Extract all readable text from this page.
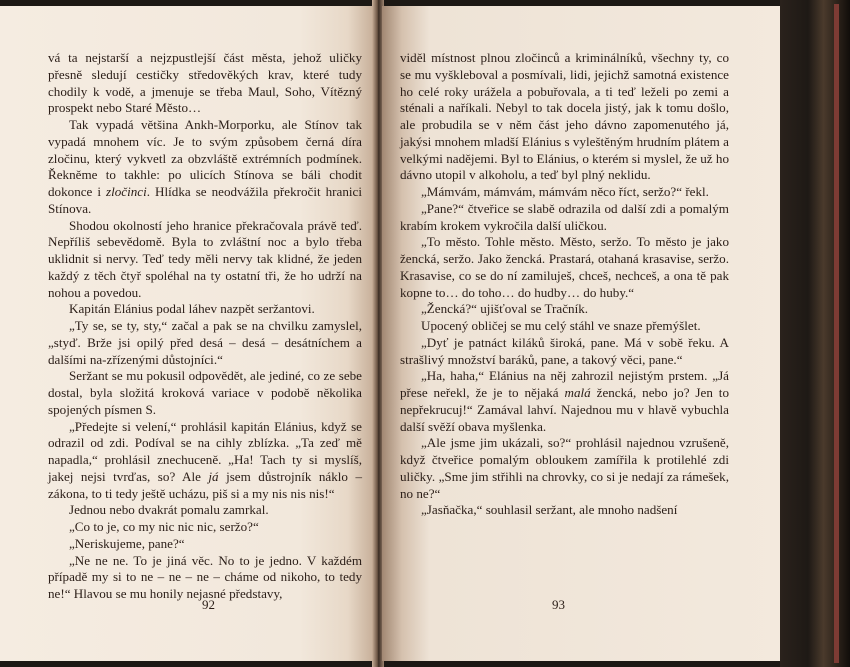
vá ta nejstarší a nejzpustlejší část města, jehož uličky přesně sledují cestičky středověkých krav, které tudy chodily k vodě, a jmenuje se třeba Maul, Soho, Vítězný prospekt nebo Staré Město…

Tak vypadá většina Ankh-Morporku, ale Stínov tak vypadá mnohem víc. Je to svým způsobem černá díra zločinu, který vykvetl za obzvláště extrémních podmínek. Řekněme to takhle: po ulicích Stínova se báli chodit dokonce i zločinci. Hlídka se neodvážila překročit hranici Stínova.

Shodou okolností jeho hranice překračovala právě teď. Nepříliš sebevědomě. Byla to zvláštní noc a bylo třeba uklidnit si nervy. Teď tedy měli nervy tak klidné, že jeden každý z těch čtyř spoléhal na ty ostatní tři, že ho udrží na nohou a povedou.

Kapitán Elánius podal láhev nazpět seržantovi.

„Ty se, se ty, sty,“ začal a pak se na chvilku zamyslel, „styď. Brže jsi opilý před desá – desá – desátníchem a dalšími na-zřízenými důstojníci.“

Seržant se mu pokusil odpovědět, ale jediné, co ze sebe dostal, byla složitá kroková variace v podobě několika spojených písmen S.

„Předejte si velení,“ prohlásil kapitán Elánius, když se odrazil od zdi. Podíval se na cihly zblízka. „Ta zeď mě napadla,“ prohlásil znechuceně. „Ha! Tach ty si myslíš, jakej nejsi tvrďas, so? Ale já jsem důstrojník náklo – zákona, to ti tedy ještě ucházu, piš si a my nis nis nis!“

Jednou nebo dvakrát pomalu zamrkal.

„Co to je, co my nic nic nic, seržo?“

„Neriskujeme, pane?“

„Ne ne ne. To je jiná věc. No to je jedno. V každém případě my si to ne – ne – ne – cháme od nikoho, to tedy ne!“ Hlavou se mu honily nejasné představy,

92

viděl místnost plnou zločinců a kriminálníků, všechny ty, co se mu vyškleboval a posmívali, lidi, jejichž samotná existence ho celé roky urážela a pobuřovala, a ti teď leželi po zemi a sténali a naříkali. Nebyl to tak docela jistý, jak k tomu došlo, ale probudila se v něm část jeho dávno zapomenutého já, jakýsi mnohem mladší Elánius s vyleštěným hrudním plátem a velkými nadějemi. Byl to Elánius, o kterém si myslel, že už ho dávno utopil v alkoholu, a teď byl plný neklidu.

„Mámvám, mámvám, mámvám něco říct, seržo?“ řekl.

„Pane?“ čtveřice se slabě odrazila od další zdi a pomalým krabím krokem vykročila další uličkou.

„To město. Tohle město. Město, seržo. To město je jako žencká, seržo. Jako žencká. Prastará, otahaná krasavise, seržo. Krasavise, co se do ní zamiluješ, chceš, nechceš, a ona tě pak kopne to… do toho… do hudby… do huby.“

„Žencká?“ ujišťoval se Tračník.

Upocený obličej se mu celý stáhl ve snaze přemýšlet.

„Dyť je patnáct kiláků široká, pane. Má v sobě řeku. A strašlivý množství baráků, pane, a takový věci, pane.“

„Ha, haha,“ Elánius na něj zahrozil nejistým prstem. „Já přese neřekl, že je to nějaká malá žencká, nebo jo? Jen to nepřekrucuj!“ Zamával lahví. Najednou mu v hlavě vybuchla další svěží obava myšlenka.

„Ale jsme jim ukázali, so?“ prohlásil najednou vzrušeně, když čtveřice pomalým obloukem zamířila k protilehlé zdi uličky. „Sme jim střihli na chrovky, co si je nedají za rámešek, no ne?“

„Jasňačka,“ souhlasil seržant, ale mnoho nadšení

93
